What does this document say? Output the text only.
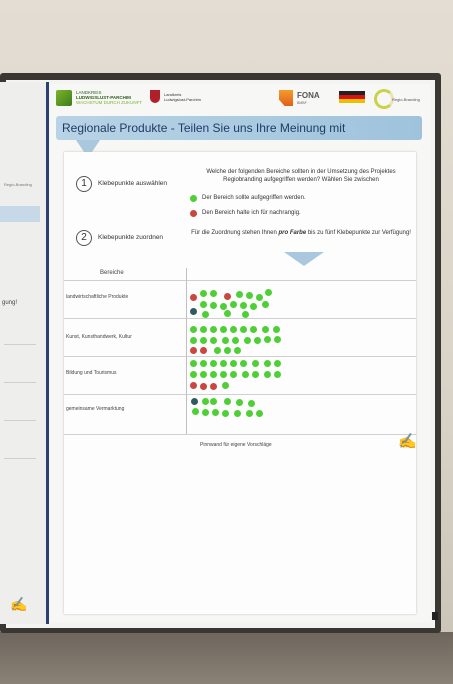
Regio-Branding
gung!
✍
LANDKREIS
LUDWIGSLUST-PARCHIM
WACHSTUM DURCH ZUKUNFT
Landkreis
Ludwigslust-Parchim	FONA
BMBF
Regio-Branding
Regionale Produkte - Teilen Sie uns Ihre Meinung mit
1	Klebepunkte auswählen
Welche der folgenden Bereiche sollten in der Umsetzung des Projektes Regiobranding aufgegriffen werden? Wählen Sie zwischen
Der Bereich sollte aufgegriffen werden.
Den Bereich halte ich für nachrangig.
2	Klebepunkte zuordnen
Für die Zuordnung stehen Ihnen pro Farbe bis zu fünf Klebepunkte zur Verfügung!
Bereiche
landwirtschaftliche Produkte
Kunst, Kunsthandwerk, Kultur
Bildung und Tourismus
gemeinsame Vermarktung
Pinnwand für eigene Vorschläge	✍
